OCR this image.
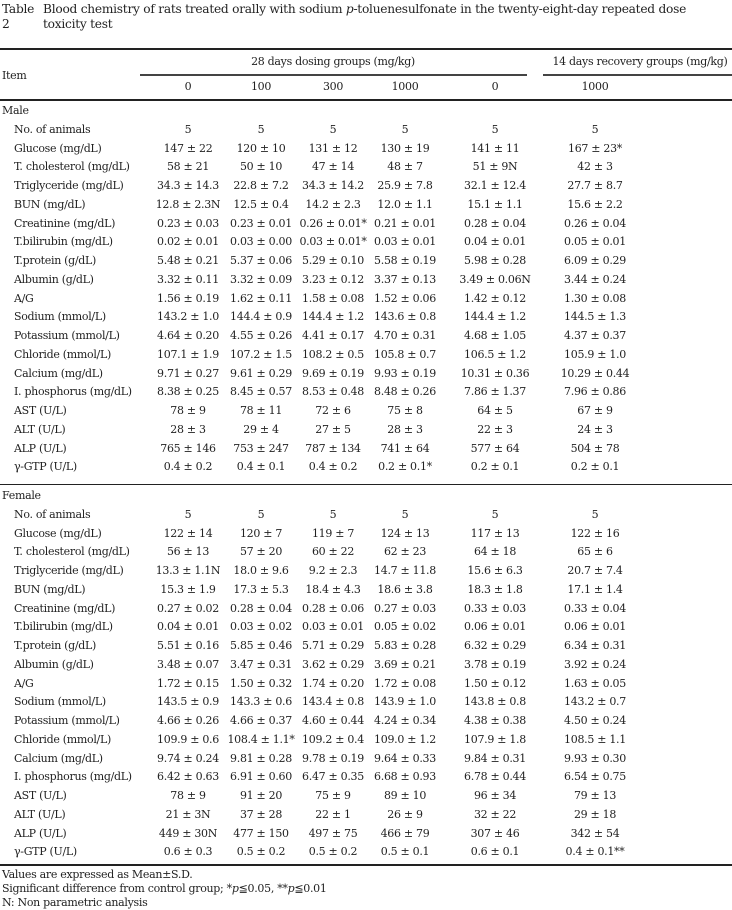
Table 2
Blood chemistry of rats treated orally with sodium p-toluenesulfonate in the twenty-eight-day repeated dose toxicity test
Item
28 days dosing groups (mg/kg)	14 days recovery groups (mg/kg)
0	100	300	1000	0	1000
Male
No. of animals	5	5	5	5	5	5
Glucose (mg/dL)	147 ± 22 120 ± 10 131 ± 12 130 ± 19	141 ± 11	167 ± 23*
T. cholesterol (mg/dL)	58 ± 21	50 ± 10	47 ± 14	48 ± 7	51 ± 9N	42 ± 3
Triglyceride (mg/dL)	34.3 ± 14.3 22.8 ± 7.2 34.3 ± 14.2 25.9 ± 7.8	32.1 ± 12.4	27.7 ± 8.7
BUN (mg/dL)	12.8 ± 2.3N 12.5 ± 0.4 14.2 ± 2.3 12.0 ± 1.1	15.1 ± 1.1	15.6 ± 2.2
Creatinine (mg/dL)	0.23 ± 0.03 0.23 ± 0.01 0.26 ± 0.01* 0.21 ± 0.01	0.28 ± 0.04	0.26 ± 0.04
T.bilirubin (mg/dL)	0.02 ± 0.01 0.03 ± 0.00 0.03 ± 0.01* 0.03 ± 0.01	0.04 ± 0.01	0.05 ± 0.01
T.protein (g/dL)	5.48 ± 0.21 5.37 ± 0.06 5.29 ± 0.10 5.58 ± 0.19	5.98 ± 0.28	6.09 ± 0.29
Albumin (g/dL)	3.32 ± 0.11 3.32 ± 0.09 3.23 ± 0.12 3.37 ± 0.13 3.49 ± 0.06N	3.44 ± 0.24
A/G	1.56 ± 0.19 1.62 ± 0.11 1.58 ± 0.08 1.52 ± 0.06	1.42 ± 0.12	1.30 ± 0.08
Sodium (mmol/L)	143.2 ± 1.0 144.4 ± 0.9 144.4 ± 1.2 143.6 ± 0.8	144.4 ± 1.2	144.5 ± 1.3
Potassium (mmol/L)	4.64 ± 0.20 4.55 ± 0.26 4.41 ± 0.17 4.70 ± 0.31	4.68 ± 1.05	4.37 ± 0.37
Chloride (mmol/L)	107.1 ± 1.9 107.2 ± 1.5 108.2 ± 0.5 105.8 ± 0.7	106.5 ± 1.2	105.9 ± 1.0
Calcium (mg/dL)	9.71 ± 0.27 9.61 ± 0.29 9.69 ± 0.19 9.93 ± 0.19 10.31 ± 0.36	10.29 ± 0.44
I. phosphorus (mg/dL) 8.38 ± 0.25 8.45 ± 0.57 8.53 ± 0.48 8.48 ± 0.26	7.86 ± 1.37	7.96 ± 0.86
AST (U/L)	78 ± 9	78 ± 11	72 ± 6	75 ± 8	64 ± 5	67 ± 9
ALT (U/L)	28 ± 3	29 ± 4	27 ± 5	28 ± 3	22 ± 3	24 ± 3
ALP (U/L)	765 ± 146 753 ± 247 787 ± 134 741 ± 64	577 ± 64	504 ± 78
γ-GTP (U/L)	0.4 ± 0.2 0.4 ± 0.1 0.4 ± 0.2 0.2 ± 0.1*	0.2 ± 0.1	0.2 ± 0.1
Female
No. of animals	5	5	5	5	5	5
Glucose (mg/dL)	122 ± 14	120 ± 7	119 ± 7 124 ± 13	117 ± 13	122 ± 16
T. cholesterol (mg/dL)	56 ± 13	57 ± 20	60 ± 22	62 ± 23	64 ± 18	65 ± 6
Triglyceride (mg/dL)	13.3 ± 1.1N 18.0 ± 9.6 9.2 ± 2.3 14.7 ± 11.8	15.6 ± 6.3	20.7 ± 7.4
BUN (mg/dL)	15.3 ± 1.9 17.3 ± 5.3 18.4 ± 4.3 18.6 ± 3.8	18.3 ± 1.8	17.1 ± 1.4
Creatinine (mg/dL)	0.27 ± 0.02 0.28 ± 0.04 0.28 ± 0.06 0.27 ± 0.03	0.33 ± 0.03	0.33 ± 0.04
T.bilirubin (mg/dL)	0.04 ± 0.01 0.03 ± 0.02 0.03 ± 0.01 0.05 ± 0.02	0.06 ± 0.01	0.06 ± 0.01
T.protein (g/dL)	5.51 ± 0.16 5.85 ± 0.46 5.71 ± 0.29 5.83 ± 0.28	6.32 ± 0.29	6.34 ± 0.31
Albumin (g/dL)	3.48 ± 0.07 3.47 ± 0.31 3.62 ± 0.29 3.69 ± 0.21	3.78 ± 0.19	3.92 ± 0.24
A/G	1.72 ± 0.15 1.50 ± 0.32 1.74 ± 0.20 1.72 ± 0.08	1.50 ± 0.12	1.63 ± 0.05
Sodium (mmol/L)	143.5 ± 0.9 143.3 ± 0.6 143.4 ± 0.8 143.9 ± 1.0	143.8 ± 0.8	143.2 ± 0.7
Potassium (mmol/L)	4.66 ± 0.26 4.66 ± 0.37 4.60 ± 0.44 4.24 ± 0.34	4.38 ± 0.38	4.50 ± 0.24
Chloride (mmol/L)	109.9 ± 0.6 108.4 ± 1.1* 109.2 ± 0.4 109.0 ± 1.2	107.9 ± 1.8	108.5 ± 1.1
Calcium (mg/dL)	9.74 ± 0.24 9.81 ± 0.28 9.78 ± 0.19 9.64 ± 0.33	9.84 ± 0.31	9.93 ± 0.30
I. phosphorus (mg/dL) 6.42 ± 0.63 6.91 ± 0.60 6.47 ± 0.35 6.68 ± 0.93	6.78 ± 0.44	6.54 ± 0.75
AST (U/L)	78 ± 9	91 ± 20	75 ± 9	89 ± 10	96 ± 34	79 ± 13
ALT (U/L)	21 ± 3N	37 ± 28	22 ± 1	26 ± 9	32 ± 22	29 ± 18
ALP (U/L)	449 ± 30N 477 ± 150 497 ± 75 466 ± 79	307 ± 46	342 ± 54
γ-GTP (U/L)	0.6 ± 0.3 0.5 ± 0.2 0.5 ± 0.2 0.5 ± 0.1	0.6 ± 0.1	0.4 ± 0.1**
Values are expressed as Mean±S.D.
Significant difference from control group; *p≦0.05, **p≦0.01
N: Non parametric analysis
